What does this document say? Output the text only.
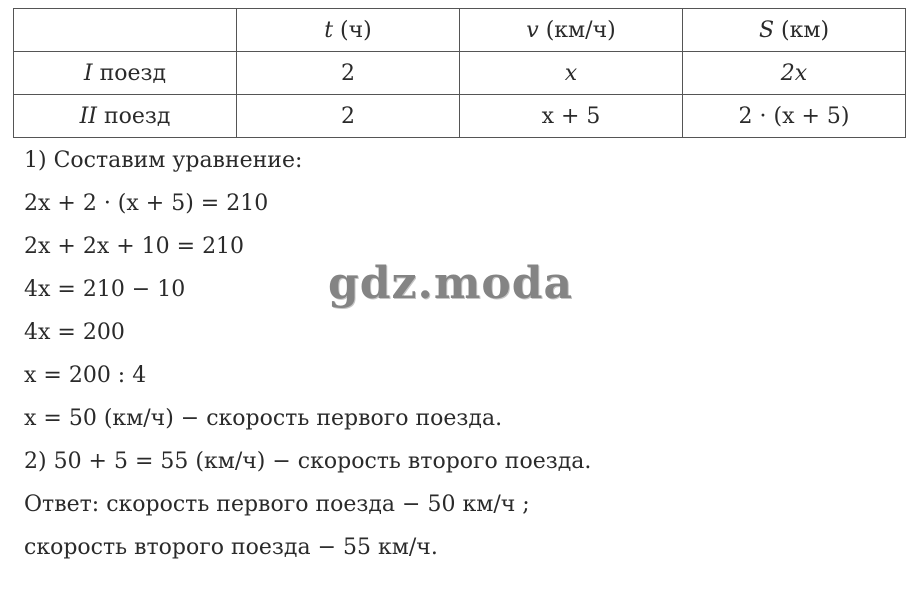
	t (ч)	v (км/ч)	S (км)
I поезд	2	x	2x
II поезд	2	x + 5	2 · (x + 5)
1) Составим уравнение:
2x + 2 · (x + 5) = 210
2x + 2x + 10 = 210
4x = 210 − 10
4x = 200
x = 200 : 4
x = 50 (км/ч) − скорость первого поезда.
2) 50 + 5 = 55 (км/ч) − скорость второго поезда.
Ответ: скорость первого поезда − 50 км/ч ;
скорость второго поезда − 55 км/ч.
gdz.moda
